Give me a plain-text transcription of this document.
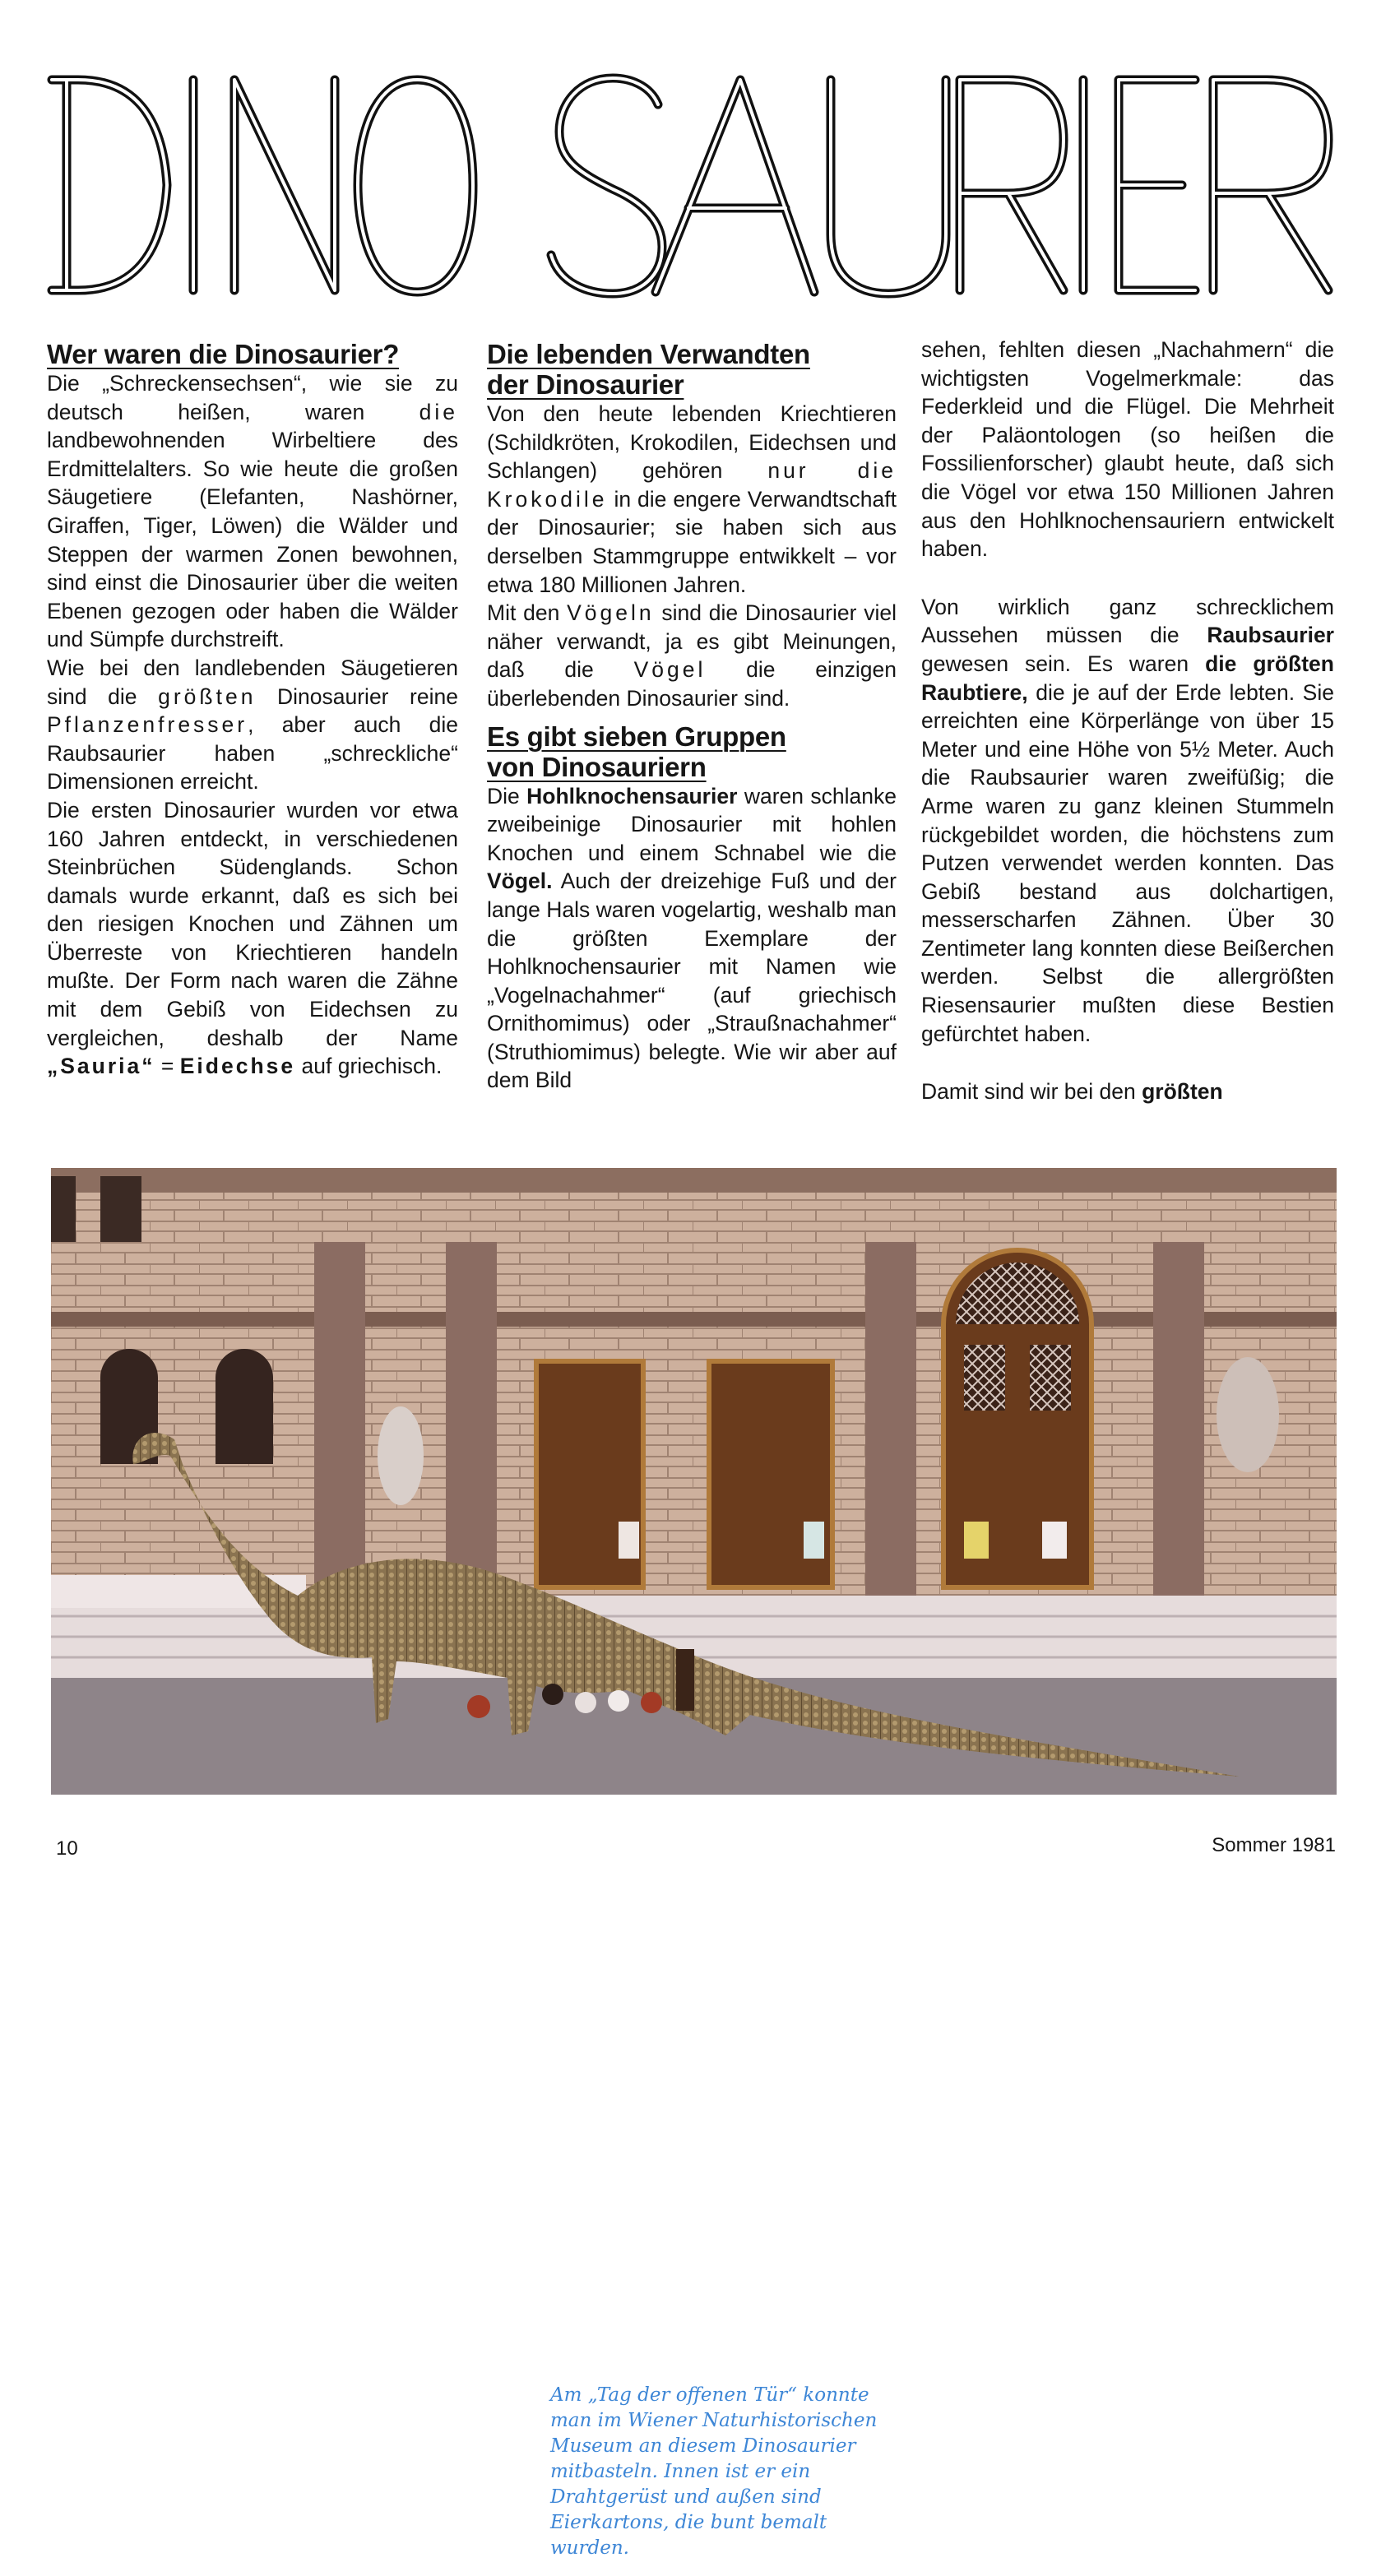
Wer waren die Dinosaurier?

Die „Schreckensechsen“, wie sie zu deutsch heißen, waren	die landbewohnenden Wirbeltiere des Erdmittelalters. So wie heute die großen Säugetiere (Elefanten, Nashörner, Giraffen, Tiger, Löwen) die Wälder und Steppen der warmen Zonen bewohnen, sind einst die Dinosaurier über die weiten Ebenen gezogen oder haben die Wälder und Sümpfe durchstreift.

Wie bei den landlebenden Säugetieren sind die größten Dinosaurier reine Pflanzenfresser, aber auch die Raubsaurier haben „schreckliche“ Dimensionen erreicht.

Die ersten Dinosaurier wurden vor etwa 160 Jahren entdeckt, in verschiedenen Steinbrüchen Südenglands. Schon damals wurde erkannt, daß es sich bei den riesigen Knochen und Zähnen um Überreste von Kriechtieren handeln mußte. Der Form nach waren die Zähne mit dem Gebiß von Eidechsen zu vergleichen, deshalb der Name „Sauria“ = Eidechse auf griechisch.

Die lebenden Verwandten
der Dinosaurier

Von den heute lebenden Kriechtieren (Schildkröten, Krokodilen, Eidechsen und Schlangen) gehören nur die Krokodile in die engere Verwandtschaft der Dinosaurier; sie haben sich aus derselben Stammgruppe entwikkelt – vor etwa 180 Millionen Jahren.

Mit den Vögeln sind die Dinosaurier viel näher verwandt, ja es gibt Meinungen, daß die Vögel die einzigen überlebenden Dinosaurier sind.

Es gibt sieben Gruppen
von Dinosauriern

Die Hohlknochensaurier waren schlanke zweibeinige Dinosaurier mit hohlen Knochen und einem Schnabel wie die Vögel. Auch der dreizehige Fuß und der lange Hals waren vogelartig, weshalb man die größten Exemplare der Hohlknochensaurier mit Namen wie „Vogelnachahmer“ (auf griechisch Ornithomimus) oder „Straußnachahmer“ (Struthiomimus) belegte. Wie wir aber auf dem Bild

sehen, fehlten diesen „Nachahmern“ die wichtigsten Vogelmerkmale: das Federkleid und die Flügel. Die Mehrheit der Paläontologen (so heißen die Fossilienforscher) glaubt heute, daß sich die Vögel vor etwa 150 Millionen Jahren aus den Hohlknochensauriern entwickelt haben.

Von wirklich ganz schrecklichem Aussehen müssen die Raubsaurier gewesen sein. Es waren die größten Raubtiere, die je auf der Erde lebten. Sie erreichten eine Körperlänge von über 15 Meter und eine Höhe von 5½ Meter. Auch die Raubsaurier waren zweifüßig; die Arme waren zu ganz kleinen Stummeln rückgebildet worden, die höchstens zum Putzen verwendet werden konnten. Das Gebiß bestand aus dolchartigen, messerscharfen Zähnen. Über 30 Zentimeter lang konnten diese Beißerchen werden. Selbst die allergrößten Riesensaurier mußten diese Bestien gefürchtet haben.

Damit sind wir bei den größten

Am „Tag der offenen Tür“ konnte
man im Wiener Naturhistorischen
Museum an diesem Dinosaurier
mitbasteln. Innen ist er ein
Drahtgerüst und außen sind
Eierkartons, die bunt bemalt
wurden.
10	Sommer 1981
